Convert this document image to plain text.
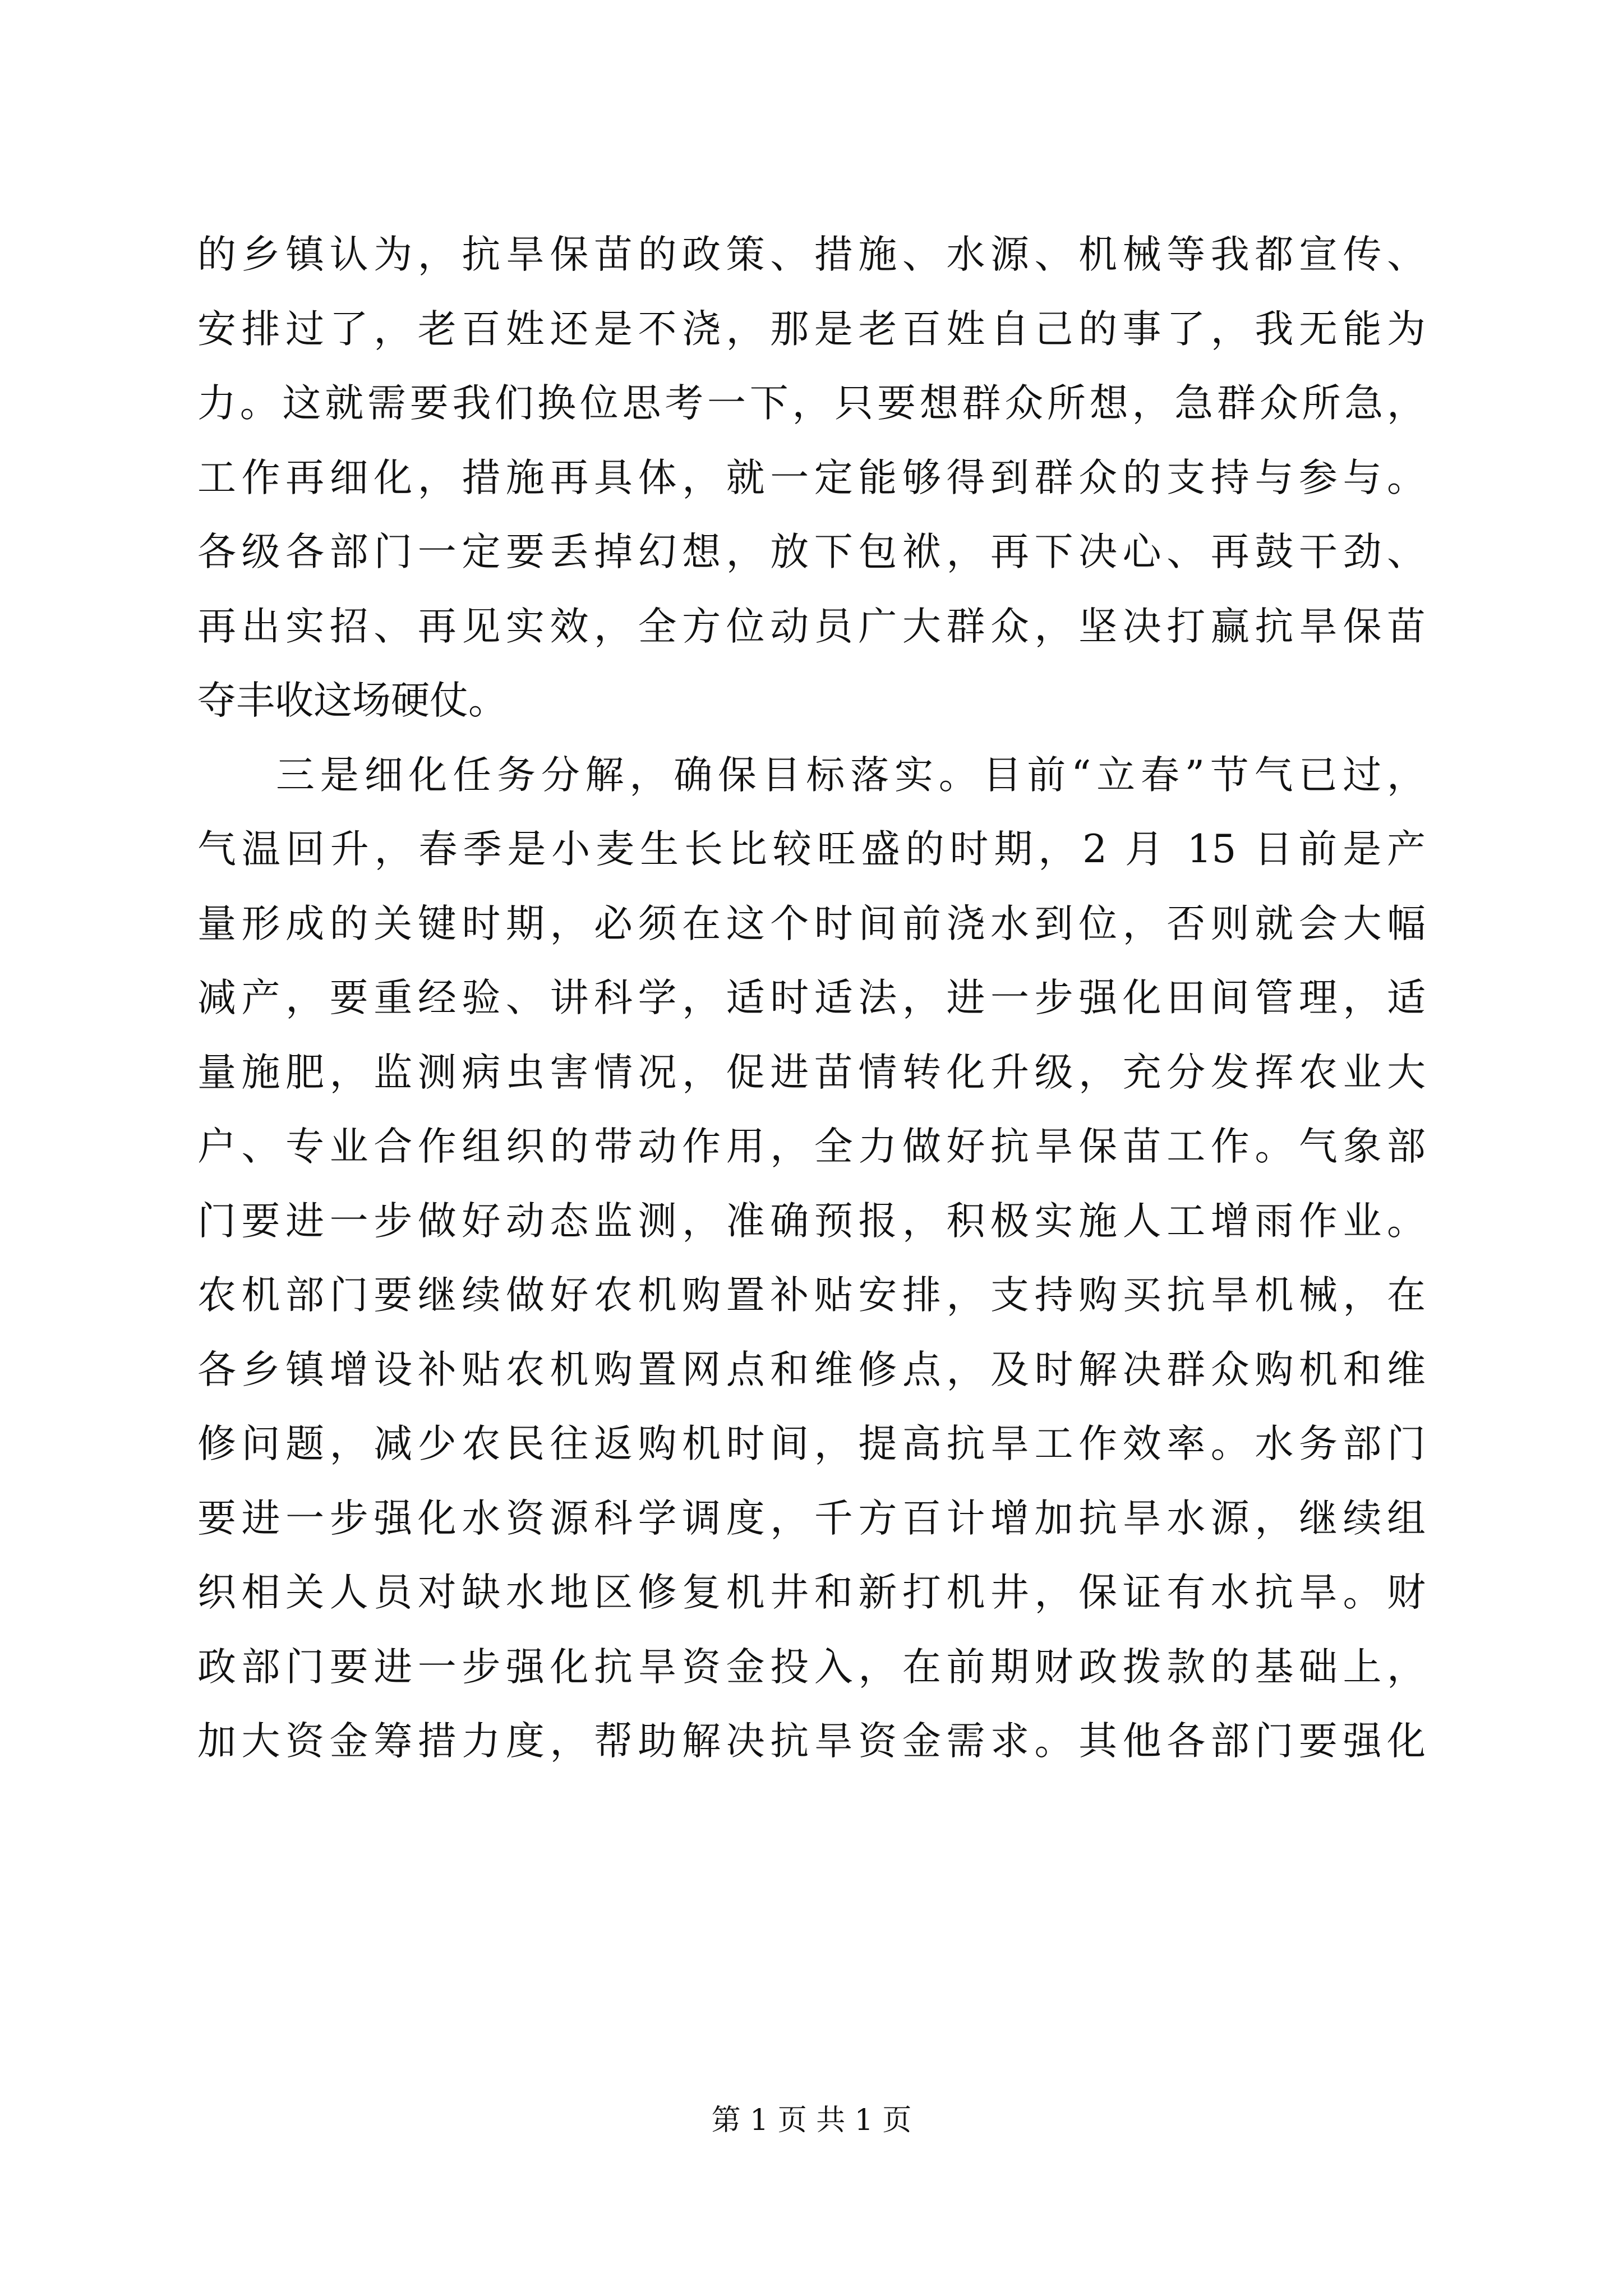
的乡镇认为，抗旱保苗的政策、措施、水源、机械等我都宣传、
安排过了，老百姓还是不浇，那是老百姓自己的事了，我无能为
力。这就需要我们换位思考一下，只要想群众所想，急群众所急，
工作再细化，措施再具体，就一定能够得到群众的支持与参与。
各级各部门一定要丢掉幻想，放下包袱，再下决心、再鼓干劲、
再出实招、再见实效，全方位动员广大群众，坚决打赢抗旱保苗
夺丰收这场硬仗。
三是细化任务分解，确保目标落实。目前“立春”节气已过，
气温回升，春季是小麦生长比较旺盛的时期，2 月 15 日前是产
量形成的关键时期，必须在这个时间前浇水到位，否则就会大幅
减产，要重经验、讲科学，适时适法，进一步强化田间管理，适
量施肥，监测病虫害情况，促进苗情转化升级，充分发挥农业大
户、专业合作组织的带动作用，全力做好抗旱保苗工作。气象部
门要进一步做好动态监测，准确预报，积极实施人工增雨作业。
农机部门要继续做好农机购置补贴安排，支持购买抗旱机械，在
各乡镇增设补贴农机购置网点和维修点，及时解决群众购机和维
修问题，减少农民往返购机时间，提高抗旱工作效率。水务部门
要进一步强化水资源科学调度，千方百计增加抗旱水源，继续组
织相关人员对缺水地区修复机井和新打机井，保证有水抗旱。财
政部门要进一步强化抗旱资金投入，在前期财政拨款的基础上，
加大资金筹措力度，帮助解决抗旱资金需求。其他各部门要强化
第 1 页 共 1 页
